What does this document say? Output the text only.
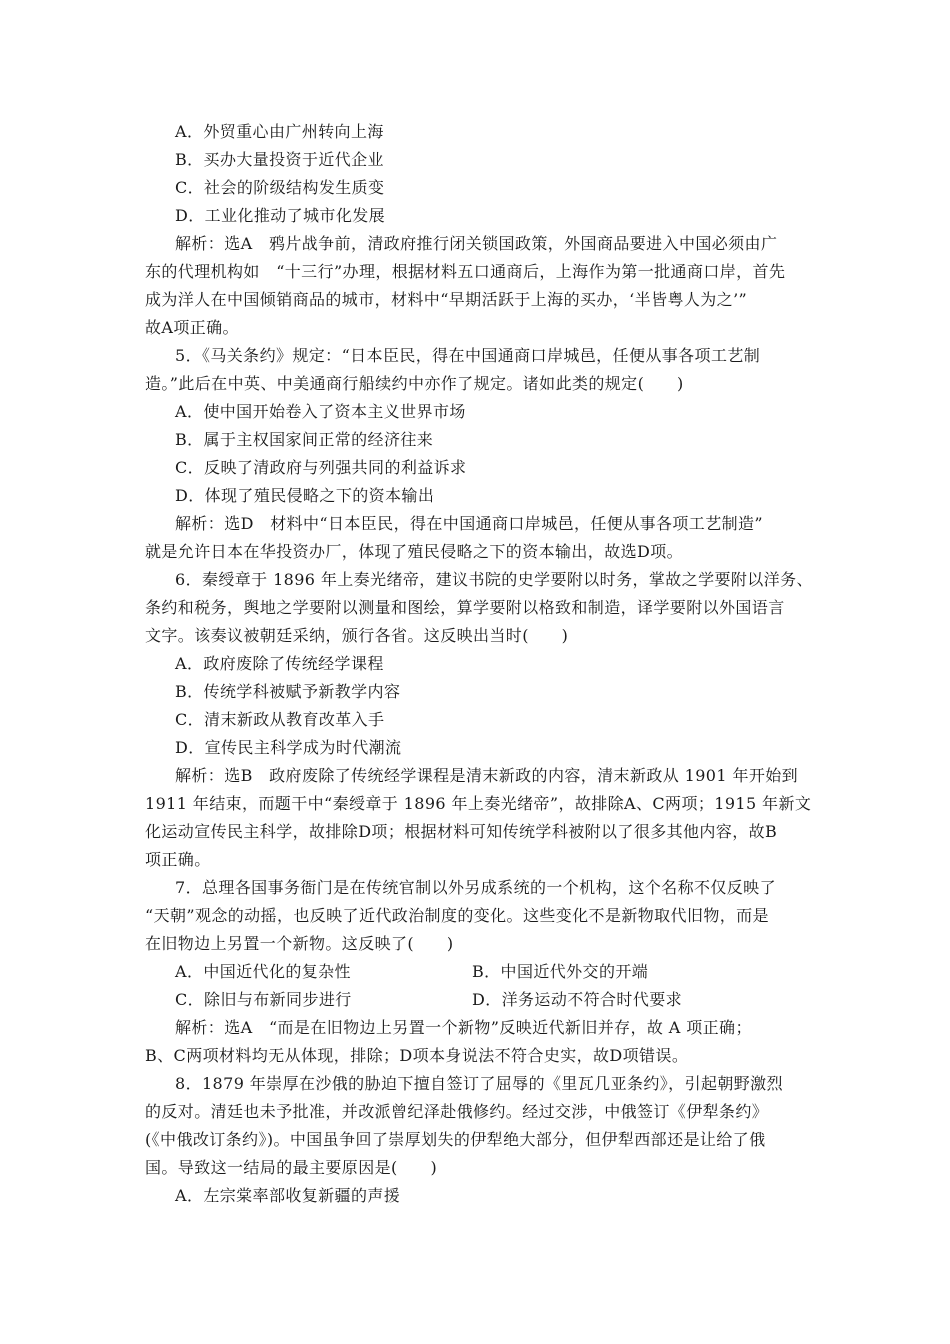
A．外贸重心由广州转向上海
B．买办大量投资于近代企业
C．社会的阶级结构发生质变
D．工业化推动了城市化发展
解析：选A　鸦片战争前，清政府推行闭关锁国政策，外国商品要进入中国必须由广
东的代理机构如　“十三行”办理，根据材料五口通商后，上海作为第一批通商口岸，首先
成为洋人在中国倾销商品的城市，材料中“早期活跃于上海的买办，‘半皆粤人为之’”
故A项正确。
5．《马关条约》规定：“日本臣民，得在中国通商口岸城邑，任便从事各项工艺制
造。”此后在中英、中美通商行船续约中亦作了规定。诸如此类的规定(　　)
A．使中国开始卷入了资本主义世界市场
B．属于主权国家间正常的经济往来
C．反映了清政府与列强共同的利益诉求
D．体现了殖民侵略之下的资本输出
解析：选D　材料中“日本臣民，得在中国通商口岸城邑，任便从事各项工艺制造”
就是允许日本在华投资办厂，体现了殖民侵略之下的资本输出，故选D项。
6．秦绶章于 1896 年上奏光绪帝，建议书院的史学要附以时务，掌故之学要附以洋务、
条约和税务，舆地之学要附以测量和图绘，算学要附以格致和制造，译学要附以外国语言
文字。该奏议被朝廷采纳，颁行各省。这反映出当时(　　)
A．政府废除了传统经学课程
B．传统学科被赋予新教学内容
C．清末新政从教育改革入手
D．宣传民主科学成为时代潮流
解析：选B　政府废除了传统经学课程是清末新政的内容，清末新政从 1901 年开始到
1911 年结束，而题干中“秦绶章于 1896 年上奏光绪帝”，故排除A、C两项；1915 年新文
化运动宣传民主科学，故排除D项；根据材料可知传统学科被附以了很多其他内容，故B
项正确。
7．总理各国事务衙门是在传统官制以外另成系统的一个机构，这个名称不仅反映了
“天朝”观念的动摇，也反映了近代政治制度的变化。这些变化不是新物取代旧物，而是
在旧物边上另置一个新物。这反映了(　　)
A．中国近代化的复杂性	B．中国近代外交的开端
C．除旧与布新同步进行	D．洋务运动不符合时代要求
解析：选A　“而是在旧物边上另置一个新物”反映近代新旧并存，故 A 项正确；
B、C两项材料均无从体现，排除；D项本身说法不符合史实，故D项错误。
8．1879 年崇厚在沙俄的胁迫下擅自签订了屈辱的《里瓦几亚条约》，引起朝野激烈
的反对。清廷也未予批准，并改派曾纪泽赴俄修约。经过交涉，中俄签订《伊犁条约》
(《中俄改订条约》)。中国虽争回了崇厚划失的伊犁绝大部分，但伊犁西部还是让给了俄
国。导致这一结局的最主要原因是(　　)
A．左宗棠率部收复新疆的声援
